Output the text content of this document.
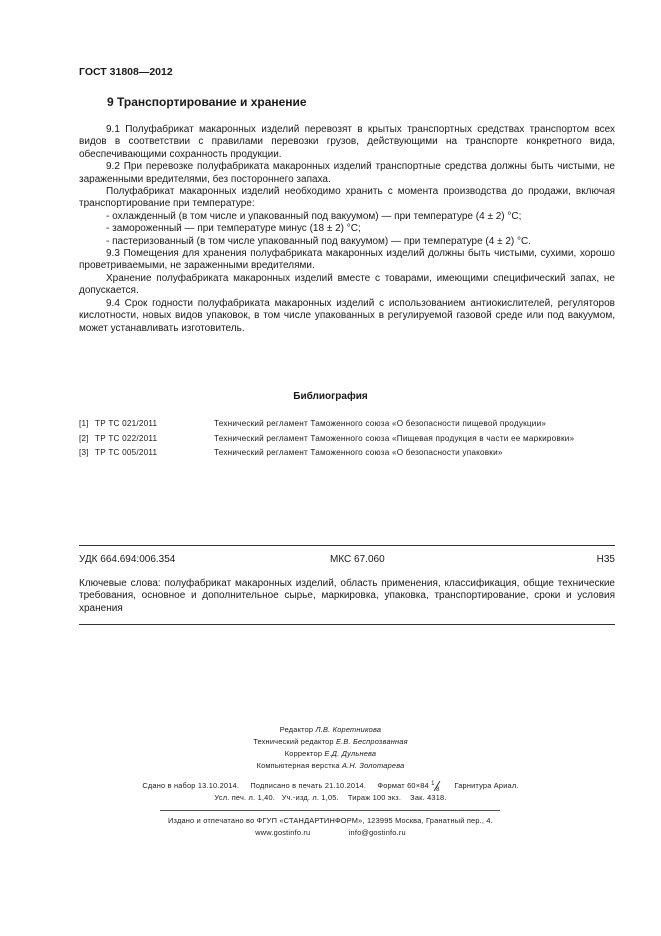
ГОСТ 31808—2012
9 Транспортирование и хранение

9.1 Полуфабрикат макаронных изделий перевозят в крытых транспортных средствах транспортом всех видов в соответствии с правилами перевозки грузов, действующими на транспорте конкретного вида, обеспечивающими сохранность продукции.

9.2 При перевозке полуфабриката макаронных изделий транспортные средства должны быть чистыми, не зараженными вредителями, без постороннего запаха.

Полуфабрикат макаронных изделий необходимо хранить с момента производства до продажи, включая транспортирование при температуре:

- охлажденный (в том числе и упакованный под вакуумом) — при температуре (4 ± 2) °С;

- замороженный — при температуре минус (18 ± 2) °С;

- пастеризованный (в том числе упакованный под вакуумом) — при температуре (4 ± 2) °С.

9.3 Помещения для хранения полуфабриката макаронных изделий должны быть чистыми, сухими, хорошо проветриваемыми, не зараженными вредителями.

Хранение полуфабриката макаронных изделий вместе с товарами, имеющими специфический запах, не допускается.

9.4 Срок годности полуфабриката макаронных изделий с использованием антиокислителей, регуляторов кислотности, новых видов упаковок, в том числе упакованных в регулируемой газовой среде или под вакуумом, может устанавливать изготовитель.

Библиография
[1] ТР ТС 021/2011	Технический регламент Таможенного союза «О безопасности пищевой продукции»
[2] ТР ТС 022/2011	Технический регламент Таможенного союза «Пищевая продукция в части ее маркировки»
[3] ТР ТС 005/2011	Технический регламент Таможенного союза «О безопасности упаковки»
УДК 664.694:006.354	МКС 67.060	Н35
Ключевые слова: полуфабрикат макаронных изделий, область применения, классификация, общие технические требования, основное и дополнительное сырье, маркировка, упаковка, транспортирование, сроки и условия хранения
Редактор Л.В. Коретникова
Технический редактор Е.В. Беспрозванная
Корректор Е.Д. Дульнева
Компьютерная верстка А.Н. Золотарева
Сдано в набор 13.10.2014. Подписано в печать 21.10.2014. Формат 60×84 1
8 Гарнитура Ариал.
Усл. печ. л. 1,40. Уч.-изд. л. 1,05. Тираж 100 экз. Зак. 4318.
Издано и отпечатано во ФГУП «СТАНДАРТИНФОРМ», 123995 Москва, Гранатный пер., 4.
www.gostinfo.ru	info@gostinfo.ru
